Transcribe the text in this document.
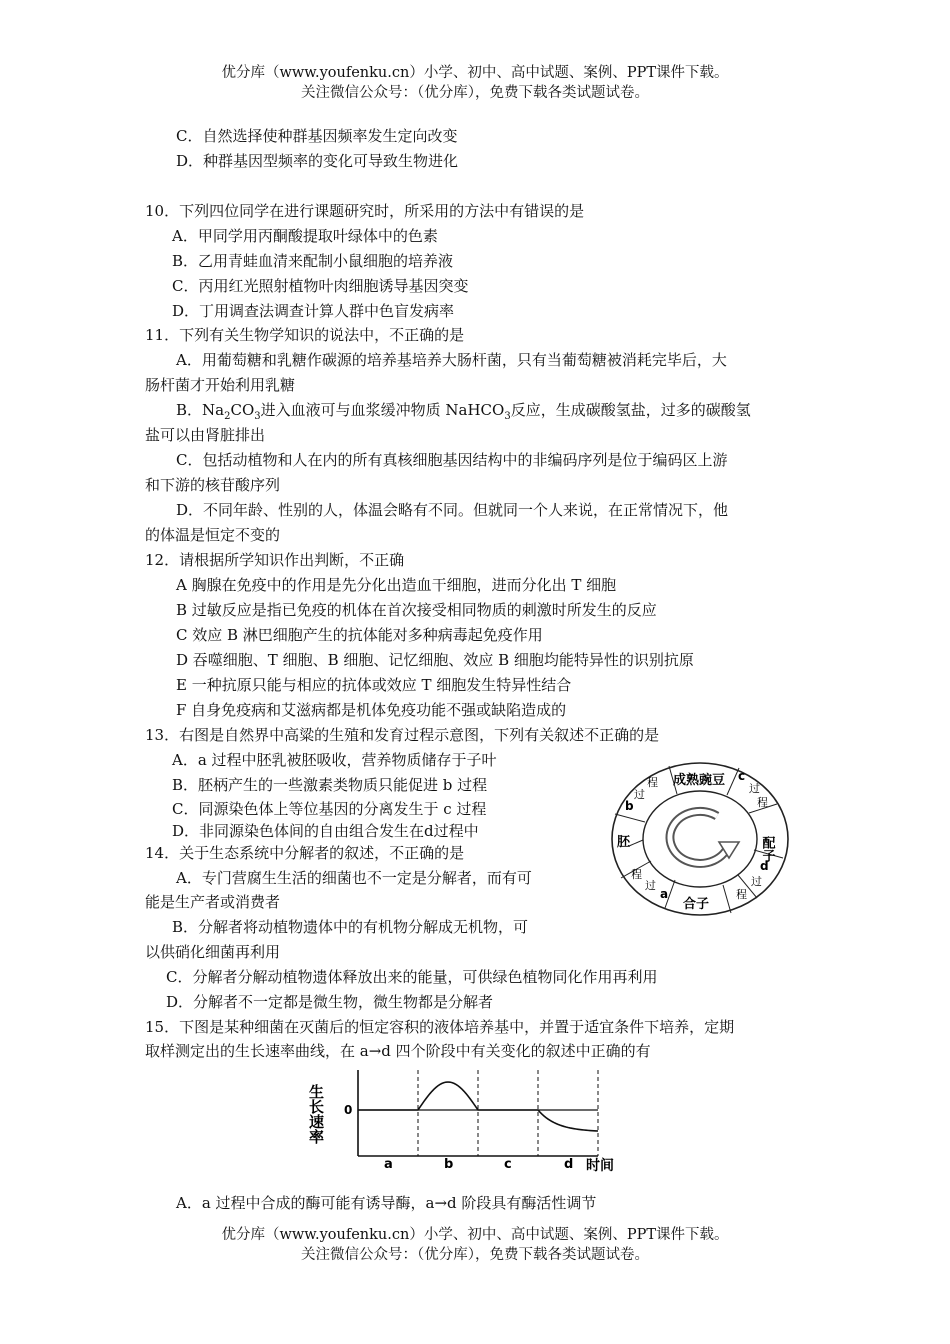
优分库（www.youfenku.cn）小学、初中、高中试题、案例、PPT课件下载。
关注微信公众号：（优分库），免费下载各类试题试卷。
C．自然选择使种群基因频率发生定向改变
D．种群基因型频率的变化可导致生物进化
10．下列四位同学在进行课题研究时，所采用的方法中有错误的是
A．甲同学用丙酮酸提取叶绿体中的色素
B．乙用青蛙血清来配制小鼠细胞的培养液
C．丙用红光照射植物叶肉细胞诱导基因突变
D．丁用调查法调查计算人群中色盲发病率
11．下列有关生物学知识的说法中，不正确的是
A．用葡萄糖和乳糖作碳源的培养基培养大肠杆菌，只有当葡萄糖被消耗完毕后，大
肠杆菌才开始利用乳糖
B．$Na_2CO_3$进入血液可与血浆缓冲物质 NaHCO$_3$反应，生成碳酸氢盐，过多的碳酸氢
盐可以由肾脏排出
C．包括动植物和人在内的所有真核细胞基因结构中的非编码序列是位于编码区上游
和下游的核苷酸序列
D．不同年龄、性别的人，体温会略有不同。但就同一个人来说，在正常情况下，他
的体温是恒定不变的
12．请根据所学知识作出判断，不正确
A 胸腺在免疫中的作用是先分化出造血干细胞，进而分化出 T 细胞
B 过敏反应是指已免疫的机体在首次接受相同物质的刺激时所发生的反应
C 效应 B 淋巴细胞产生的抗体能对多种病毒起免疫作用
D 吞噬细胞、T 细胞、B 细胞、记忆细胞、效应 B 细胞均能特异性的识别抗原
E 一种抗原只能与相应的抗体或效应 T 细胞发生特异性结合
F 自身免疫病和艾滋病都是机体免疫功能不强或缺陷造成的
13．右图是自然界中高粱的生殖和发育过程示意图，下列有关叙述不正确的是
A．a 过程中胚乳被胚吸收，营养物质储存于子叶
B．胚柄产生的一些激素类物质只能促进 b 过程
C．同源染色体上等位基因的分离发生于 c 过程
D．非同源染色体间的自由组合发生在d过程中
14．关于生态系统中分解者的叙述，不正确的是
A．专门营腐生生活的细菌也不一定是分解者，而有可
能是生产者或消费者
B．分解者将动植物遗体中的有机物分解成无机物，可
以供硝化细菌再利用
C．分解者分解动植物遗体释放出来的能量，可供绿色植物同化作用再利用
D．分解者不一定都是微生物，微生物都是分解者
15．下图是某种细菌在灭菌后的恒定容积的液体培养基中，并置于适宜条件下培养，定期
取样测定出的生长速率曲线，在 a→d 四个阶段中有关变化的叙述中正确的有
A．a 过程中合成的酶可能有诱导酶，a→d 阶段具有酶活性调节
成熟豌豆
配子
合子
胚
c
过
程
d
过
程
a
过
程
b
过
程
生长速率 0
a	b	c	d 时间
优分库（www.youfenku.cn）小学、初中、高中试题、案例、PPT课件下载。
关注微信公众号：（优分库），免费下载各类试题试卷。
